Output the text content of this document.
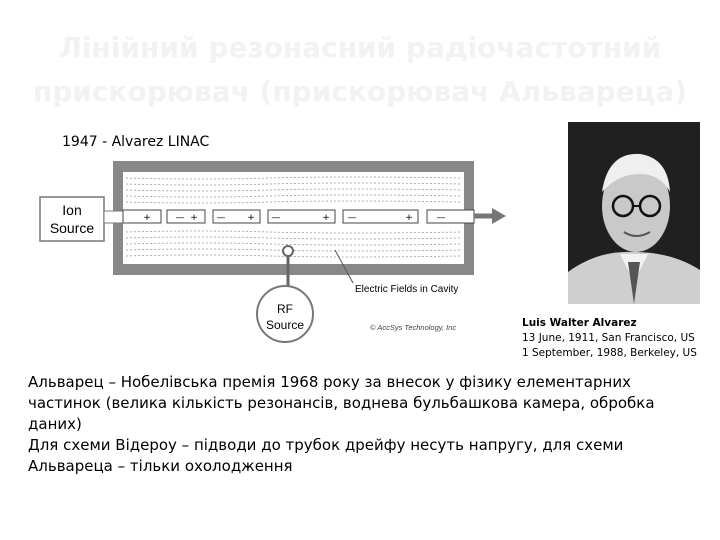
Лінійний резонасний радіочастотний прискорювач (прискорювач Альвареца)
1947 - Alvarez LINAC
Ion
Source
+	— + — + —	+ —	+	—
RF
Source
Electric Fields in Cavity
© AccSys Technology, Inc	Luis Walter Alvarez
13 June, 1911, San Francisco, US
1 September, 1988, Berkeley, US

Альварец – Нобелівська премія 1968 року за внесок у фізику елементарних частинок (велика кількість резонансів, воднева бульбашкова камера, обробка даних)

Для схеми Відероу – підводи до трубок дрейфу несуть напругу, для схеми Альвареца – тільки охолодження
